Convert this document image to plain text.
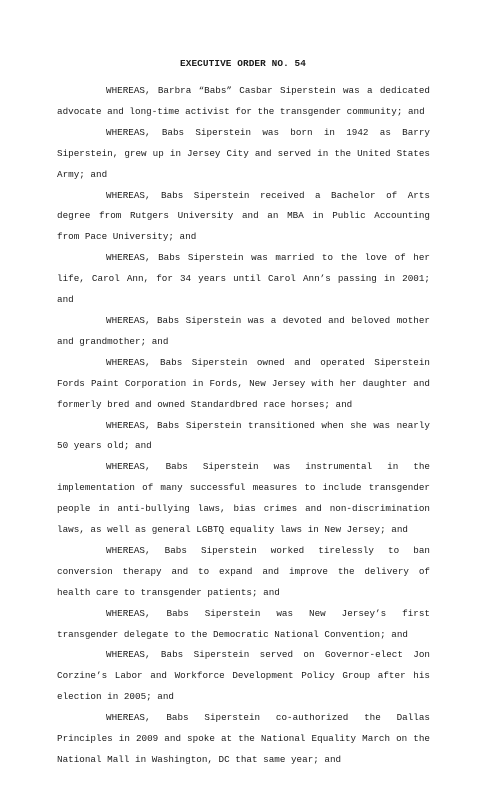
EXECUTIVE ORDER NO. 54

WHEREAS, Barbra “Babs” Casbar Siperstein was a dedicated advocate and long-time activist for the transgender community; and

WHEREAS, Babs Siperstein was born in 1942 as Barry Siperstein, grew up in Jersey City and served in the United States Army; and

WHEREAS, Babs Siperstein received a Bachelor of Arts degree from Rutgers University and an MBA in Public Accounting from Pace University; and

WHEREAS, Babs Siperstein was married to the love of her life, Carol Ann, for 34 years until Carol Ann’s passing in 2001; and

WHEREAS, Babs Siperstein was a devoted and beloved mother and grandmother; and

WHEREAS, Babs Siperstein owned and operated Siperstein Fords Paint Corporation in Fords, New Jersey with her daughter and formerly bred and owned Standardbred race horses; and

WHEREAS, Babs Siperstein transitioned when she was nearly 50 years old; and

WHEREAS, Babs Siperstein was instrumental in the implementation of many successful measures to include transgender people in anti-bullying laws, bias crimes and non-discrimination laws, as well as general LGBTQ equality laws in New Jersey; and

WHEREAS, Babs Siperstein worked tirelessly to ban conversion therapy and to expand and improve the delivery of health care to transgender patients; and

WHEREAS, Babs Siperstein was New Jersey’s first transgender delegate to the Democratic National Convention; and

WHEREAS, Babs Siperstein served on Governor-elect Jon Corzine’s Labor and Workforce Development Policy Group after his election in 2005; and

WHEREAS, Babs Siperstein co-authorized the Dallas Principles in 2009 and spoke at the National Equality March on the National Mall in Washington, DC that same year; and
